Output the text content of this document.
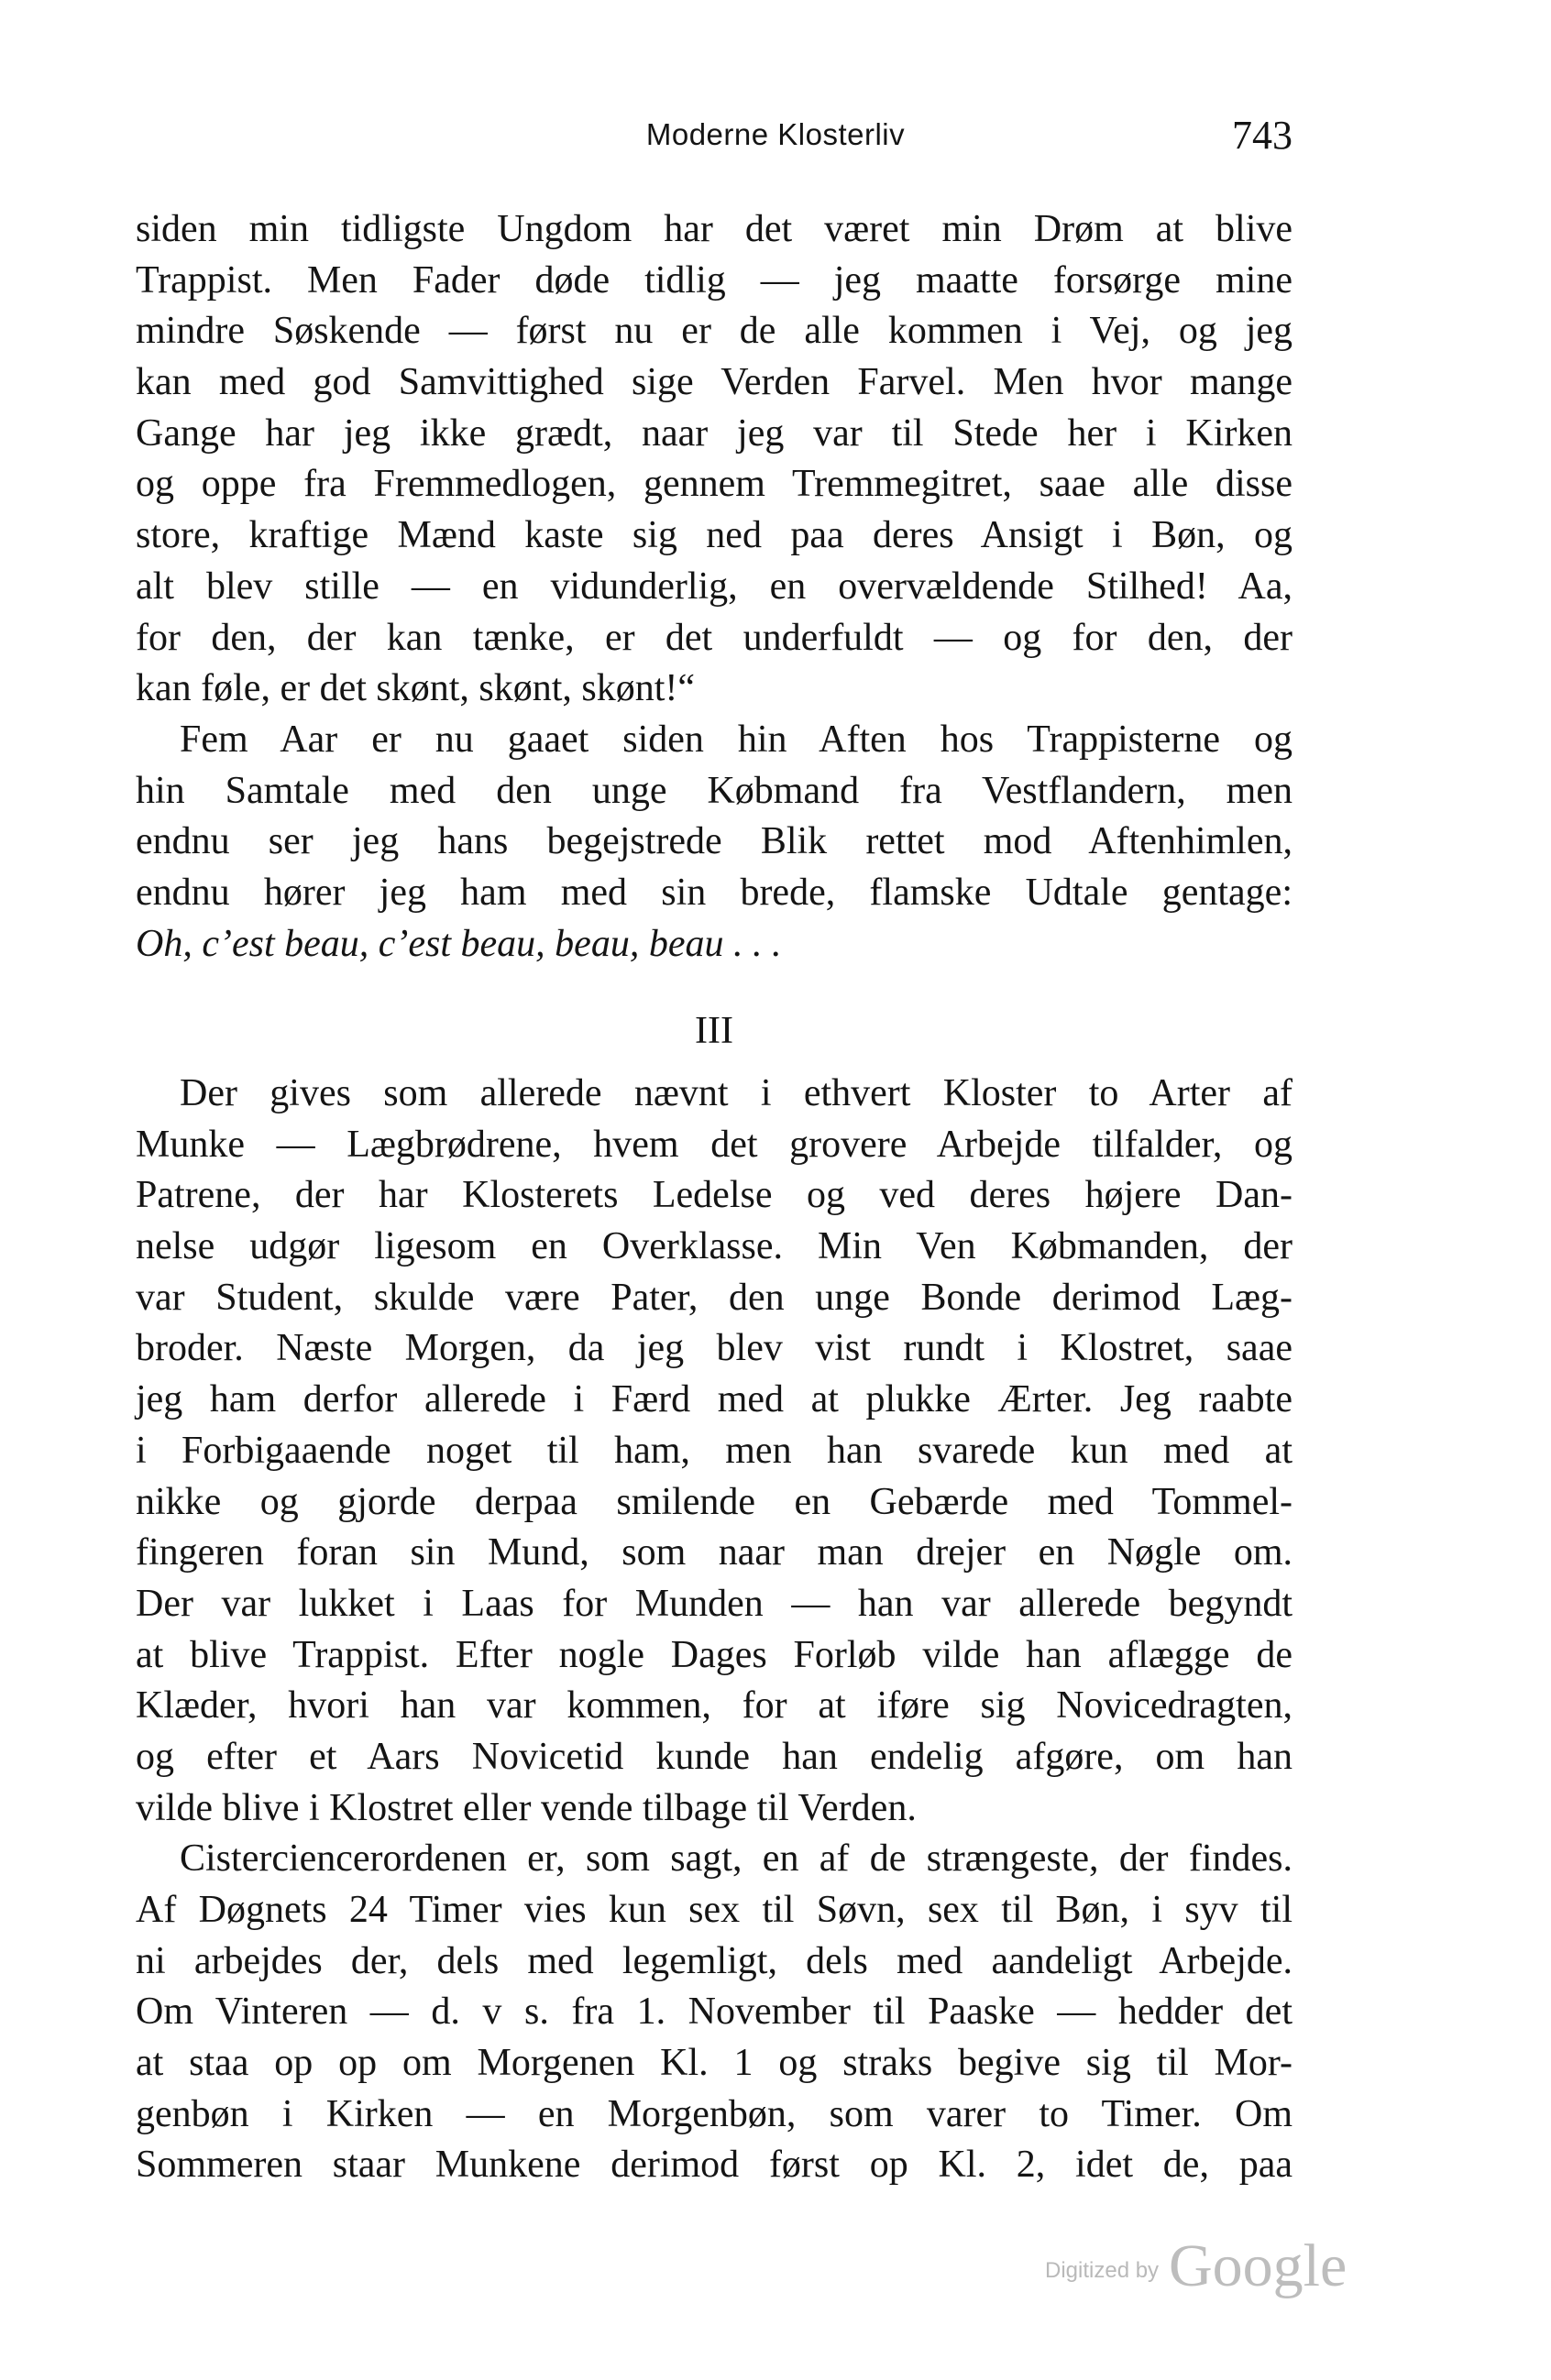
Moderne Klosterliv	743
siden min tidligste Ungdom har det været min Drøm at blive
Trappist. Men Fader døde tidlig — jeg maatte forsørge mine
mindre Søskende — først nu er de alle kommen i Vej, og jeg
kan med god Samvittighed sige Verden Farvel. Men hvor mange
Gange har jeg ikke grædt, naar jeg var til Stede her i Kirken
og oppe fra Fremmedlogen, gennem Tremmegitret, saae alle disse
store, kraftige Mænd kaste sig ned paa deres Ansigt i Bøn, og
alt blev stille — en vidunderlig, en overvældende Stilhed! Aa,
for den, der kan tænke, er det underfuldt — og for den, der
kan føle, er det skønt, skønt, skønt!“
Fem Aar er nu gaaet siden hin Aften hos Trappisterne og
hin Samtale med den unge Købmand fra Vestflandern, men
endnu ser jeg hans begejstrede Blik rettet mod Aftenhimlen,
endnu hører jeg ham med sin brede, flamske Udtale gentage:
Oh, c’est beau, c’est beau, beau, beau . . .
III
Der gives som allerede nævnt i ethvert Kloster to Arter af
Munke — Lægbrødrene, hvem det grovere Arbejde tilfalder, og
Patrene, der har Klosterets Ledelse og ved deres højere Dan-
nelse udgør ligesom en Overklasse. Min Ven Købmanden, der
var Student, skulde være Pater, den unge Bonde derimod Læg-
broder. Næste Morgen, da jeg blev vist rundt i Klostret, saae
jeg ham derfor allerede i Færd med at plukke Ærter. Jeg raabte
i Forbigaaende noget til ham, men han svarede kun med at
nikke og gjorde derpaa smilende en Gebærde med Tommel-
fingeren foran sin Mund, som naar man drejer en Nøgle om.
Der var lukket i Laas for Munden — han var allerede begyndt
at blive Trappist. Efter nogle Dages Forløb vilde han aflægge de
Klæder, hvori han var kommen, for at iføre sig Novicedragten,
og efter et Aars Novicetid kunde han endelig afgøre, om han
vilde blive i Klostret eller vende tilbage til Verden.
Cisterciencerordenen er, som sagt, en af de strængeste, der findes.
Af Døgnets 24 Timer vies kun sex til Søvn, sex til Bøn, i syv til
ni arbejdes der, dels med legemligt, dels med aandeligt Arbejde.
Om Vinteren — d. v s. fra 1. November til Paaske — hedder det
at staa op op om Morgenen Kl. 1 og straks begive sig til Mor-
genbøn i Kirken — en Morgenbøn, som varer to Timer. Om
Sommeren staar Munkene derimod først op Kl. 2, idet de, paa
Digitized by Google
